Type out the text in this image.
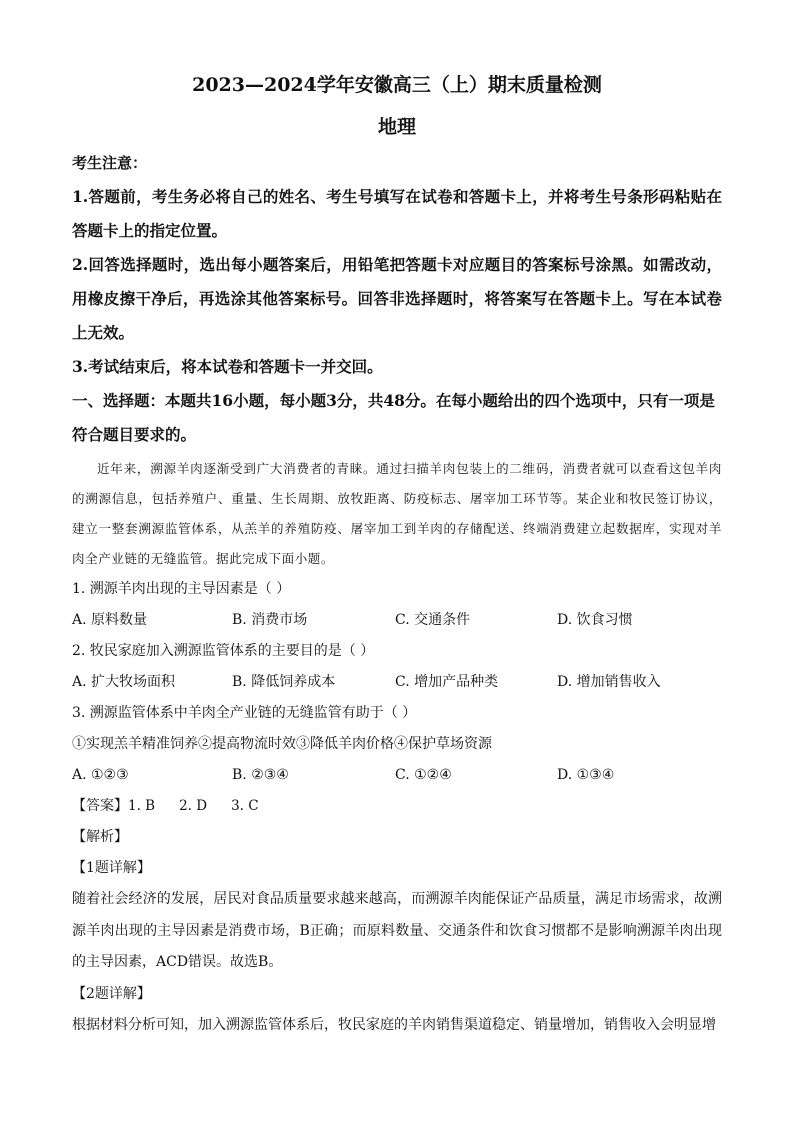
2023—2024学年安徽高三（上）期末质量检测

地理

考生注意：

1.答题前，考生务必将自己的姓名、考生号填写在试卷和答题卡上，并将考生号条形码粘贴在答题卡上的指定位置。

2.回答选择题时，选出每小题答案后，用铅笔把答题卡对应题目的答案标号涂黑。如需改动，用橡皮擦干净后，再选涂其他答案标号。回答非选择题时，将答案写在答题卡上。写在本试卷上无效。

3.考试结束后，将本试卷和答题卡一并交回。

一、选择题：本题共16小题，每小题3分，共48分。在每小题给出的四个选项中，只有一项是符合题目要求的。

近年来，溯源羊肉逐渐受到广大消费者的青睐。通过扫描羊肉包装上的二维码，消费者就可以查看这包羊肉的溯源信息，包括养殖户、重量、生长周期、放牧距离、防疫标志、屠宰加工环节等。某企业和牧民签订协议，建立一整套溯源监管体系，从羔羊的养殖防疫、屠宰加工到羊肉的存储配送、终端消费建立起数据库，实现对羊肉全产业链的无缝监管。据此完成下面小题。

1. 溯源羊肉出现的主导因素是（ ）

A. 原料数量	B. 消费市场	C. 交通条件	D. 饮食习惯

2. 牧民家庭加入溯源监管体系的主要目的是（ ）

A. 扩大牧场面积	B. 降低饲养成本	C. 增加产品种类	D. 增加销售收入

3. 溯源监管体系中羊肉全产业链的无缝监管有助于（ ）

①实现羔羊精准饲养②提高物流时效③降低羊肉价格④保护草场资源

A. ①②③	B. ②③④	C. ①②④	D. ①③④

【答案】1. B 2. D 3. C

【解析】

【1题详解】

随着社会经济的发展，居民对食品质量要求越来越高，而溯源羊肉能保证产品质量，满足市场需求，故溯源羊肉出现的主导因素是消费市场，B正确；而原料数量、交通条件和饮食习惯都不是影响溯源羊肉出现的主导因素，ACD错误。故选B。

【2题详解】

根据材料分析可知，加入溯源监管体系后，牧民家庭的羊肉销售渠道稳定、销量增加，销售收入会明显增
